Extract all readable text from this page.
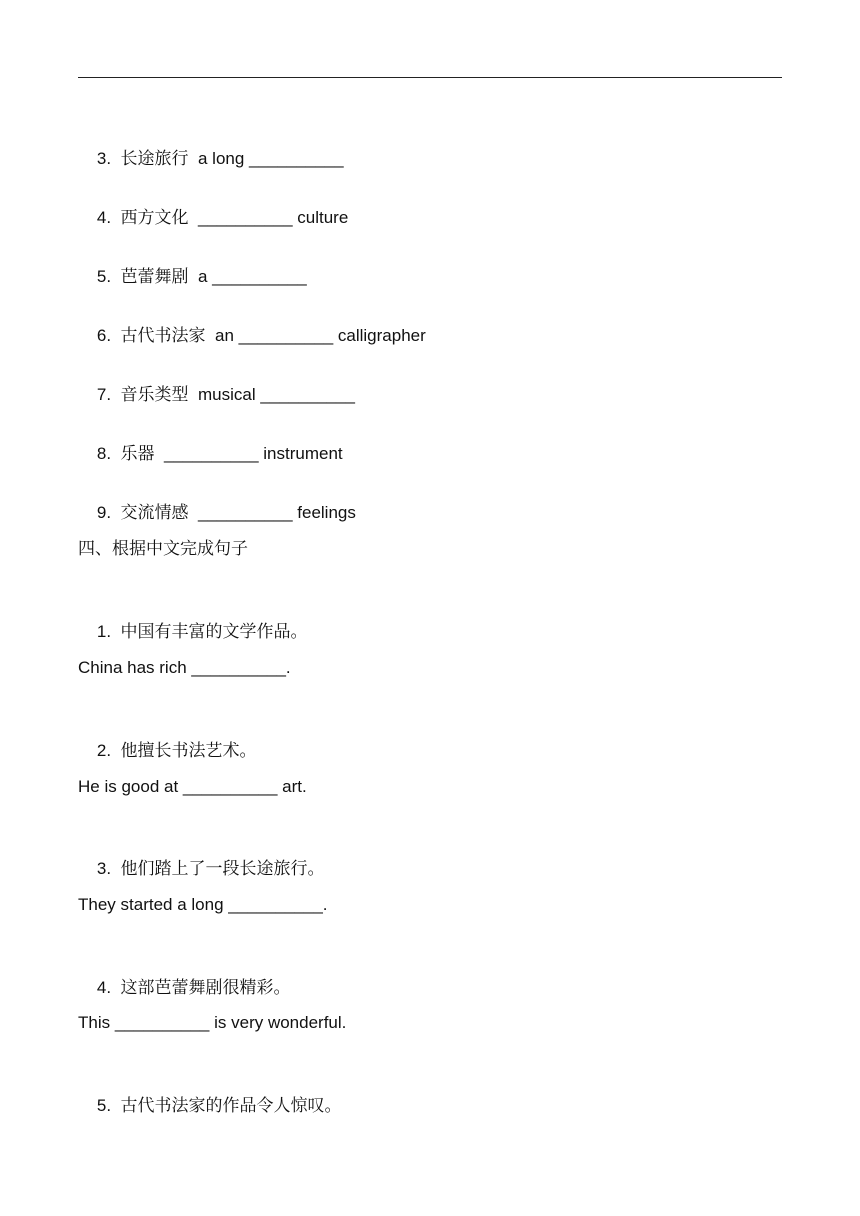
3. 长途旅行 a long __________

4. 西方文化 __________ culture

5. 芭蕾舞剧 a __________

6. 古代书法家 an __________ calligrapher

7. 音乐类型 musical __________

8. 乐器 __________ instrument

9. 交流情感 __________ feelings

四、根据中文完成句子

1. 中国有丰富的文学作品。

China has rich __________.

2. 他擅长书法艺术。

He is good at __________ art.

3. 他们踏上了一段长途旅行。

They started a long __________.

4. 这部芭蕾舞剧很精彩。

This __________ is very wonderful.

5. 古代书法家的作品令人惊叹。
